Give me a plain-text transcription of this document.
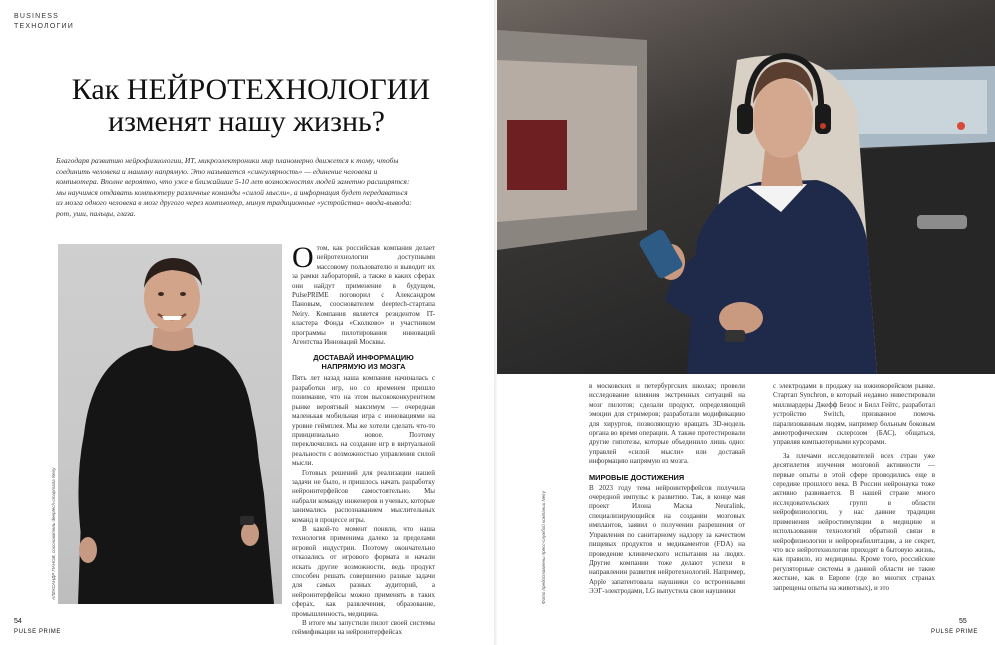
BUSINESS
ТЕХНОЛОГИИ
Как НЕЙРОТЕХНОЛОГИИ
изменят нашу жизнь?
Благодаря развитию нейрофизиологии, ИТ, микроэлектроники мир планомерно движется к тому, чтобы соединить человека и машину напрямую. Это называется «сингулярность» — единение человека и компьютера. Вполне вероятно, что уже в ближайшие 5-10 лет возможностях людей заметно расширятся: мы научимся отдавать компьютеру различные команды «силой мысли», а информация будет передаваться из мозга одного человека в мозг другого через компьютер, минуя традиционные «устройства» ввода-вывода: рот, уши, пальцы, глаза.
АЛЕКСАНДР ПАНОВ, сооснователь deeptech-стартапа Neiry

Отом, как российская компания делает нейротехнологии доступными массовому пользователю и выводит их за рамки лабораторий, а также в каких сферах они найдут применение в будущем, PulsePRIME поговорил с Александром Пановым, сооснователем deeptech-стартапа Neiry. Компания является резидентом IT-кластера Фонда «Сколково» и участником программы пилотирования инноваций Агентства Инноваций Москвы.

ДОСТАВАЙ ИНФОРМАЦИЮ
НАПРЯМУЮ ИЗ МОЗГА

Пять лет назад наша компания начиналась с разработки игр, но со временем пришло понимание, что на этом высококонкурентном рынке вероятный максимум — очередная маленькая мобильная игра с инновациями на уровне геймплея. Мы же хотели сделать что-то принципиально новое. Поэтому переключились на создание игр в виртуальной реальности с возможностью управления силой мысли.

Готовых решений для реализации нашей задачи не было, и пришлось начать разработку нейроинтерфейсов самостоятельно. Мы набрали команду инженеров и ученых, которые занимались распознаванием мыслительных команд в процессе игры.

В какой-то момент поняли, что наша технология применима далеко за пределами игровой индустрии. Поэтому окончательно отказались от игрового формата и начали искать другие возможности, ведь продукт способен решать совершенно разные задачи для самых разных аудиторий, а нейроинтерфейсы можно применять в таких сферах, как развлечения, образование, промышленность, медицина.

В итоге мы запустили пилот своей системы геймификации на нейроинтерфейсах

54
PULSE PRIME

в московских и петербургских школах; провели исследование влияния экстренных ситуаций на мозг пилотов; сделали продукт, определяющий эмоции для стримеров; разработали модификацию для хирургов, позволяющую вращать 3D-модель органа во время операции. А также протестировали другие гипотезы, которые объединило лишь одно: управлей «силой мысли» или доставай информацию напрямую из мозга.

МИРОВЫЕ ДОСТИЖЕНИЯ

В 2023 году тема нейроинтерфейсов получила очередной импульс к развитию. Так, в конце мая проект Илона Маска Neuralink, специализирующийся на создании мозговых имплантов, заявил о получении разрешения от Управления по санитарному надзору за качеством пищевых продуктов и медикаментов (FDA) на проведение клинического испытания на людях. Другие компании тоже делают успехи в направлении развития нейротехнологий. Например, Apple запатентовала наушники со встроенными ЭЭГ-электродами, LG выпустила свои наушники

Фото предоставлены пресс-службой компании Neiry

с электродами в продажу на южнокорейском рынке. Стартап Synchron, в который недавно инвестировали миллиардеры Джефф Безос и Билл Гейтс, разработал устройство Switch, призванное помочь парализованным людям, например больным боковым амиотрофическим склерозом (БАС), общаться, управляя компьютерными курсорами.

За плечами исследователей всех стран уже десятилетия изучения мозговой активности — первые опыты в этой сфере проводились еще в середине прошлого века. В России нейронаука тоже активно развивается. В нашей стране много исследовательских групп в области нейрофизиологии, у нас давние традиции применения нейростимуляции в медицине и использования технологий обратной связи в нейрофизиологии и нейрореабилитации, а не секрет, что все нейротехнологии приходят в бытовую жизнь, как правило, из медицины. Кроме того, российские регуляторные системы в данной области не такие жесткие, как в Европе (где во многих странах запрещены опыты на животных), и это

55
PULSE PRIME
